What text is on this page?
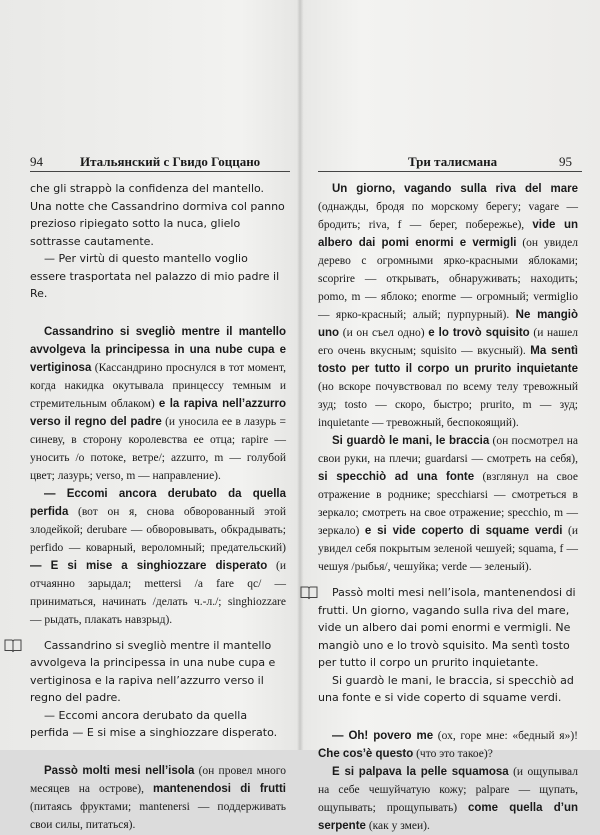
94	Итальянский с Гвидо Гоццано

che gli strappò la confidenza del mantello. Una notte che Cassandrino dormiva col panno prezioso ripiegato sotto la nuca, glielo sottrasse cautamente.

— Per virtù di questo mantello voglio essere trasportata nel palazzo di mio padre il Re.

Cassandrino si svegliò mentre il mantello avvolgeva la principessa in una nube cupa e vertiginosa (Кассандрино проснулся в тот момент, когда накидка окутывала принцессу темным и стремительным облаком) e la rapiva nell’azzurro verso il regno del padre (и уносила ее в лазурь = синеву, в сторону королевства ее отца; rapire — уносить /о потоке, ветре/; azzurro, m — голубой цвет; лазурь; verso, m — направление).

— Eccomi ancora derubato da quella perfida (вот он я, снова обворованный этой злодейкой; derubare — обворовывать, обкрадывать; perfido — коварный, вероломный; предательский) — E si mise a singhiozzare disperato (и отчаянно зарыдал; mettersi /a fare qc/ — приниматься, начинать /делать ч.-л./; singhiozzare — рыдать, плакать навзрыд).

Cassandrino si svegliò mentre il mantello avvolgeva la principessa in una nube cupa e vertiginosa e la rapiva nell’azzurro verso il regno del padre.

— Eccomi ancora derubato da quella perfida — E si mise a singhiozzare disperato.

Passò molti mesi nell’isola (он провел много месяцев на острове), mantenendosi di frutti (питаясь фруктами; mantenersi — поддерживать свои силы, питаться).

Три талисмана	95

Un giorno, vagando sulla riva del mare (однажды, бродя по морскому берегу; vagare — бродить; riva, f — берег, побережье), vide un albero dai pomi enormi e vermigli (он увидел дерево с огромными ярко-красными яблоками; scoprire — открывать, обнаруживать; находить; pomo, m — яблоко; enorme — огромный; vermiglio — ярко-красный; алый; пурпурный). Ne mangiò uno (и он съел одно) e lo trovò squisito (и нашел его очень вкусным; squisito — вкусный). Ma sentì tosto per tutto il corpo un prurito inquietante (но вскоре почувствовал по всему телу тревожный зуд; tosto — скоро, быстро; prurito, m — зуд; inquietante — тревожный, беспокоящий).

Si guardò le mani, le braccia (он посмотрел на свои руки, на плечи; guardarsi — смотреть на себя), si specchiò ad una fonte (взглянул на свое отражение в роднике; specchiarsi — смотреться в зеркало; смотреть на свое отражение; specchio, m — зеркало) e si vide coperto di squame verdi (и увидел себя покрытым зеленой чешуей; squama, f — чешуя /рыбья/, чешуйка; verde — зеленый).

Passò molti mesi nell’isola, mantenendosi di frutti. Un giorno, vagando sulla riva del mare, vide un albero dai pomi enormi e vermigli. Ne mangiò uno e lo trovò squisito. Ma sentì tosto per tutto il corpo un prurito inquietante.

Si guardò le mani, le braccia, si specchiò ad una fonte e si vide coperto di squame verdi.

— Oh! povero me (ох, горе мне: «бедный я»)! Che cos’è questo (что это такое)?

E si palpava la pelle squamosa (и ощупывал на себе чешуйчатую кожу; palpare — щупать, ощупывать; прощупывать) come quella d’un serpente (как у змеи).
